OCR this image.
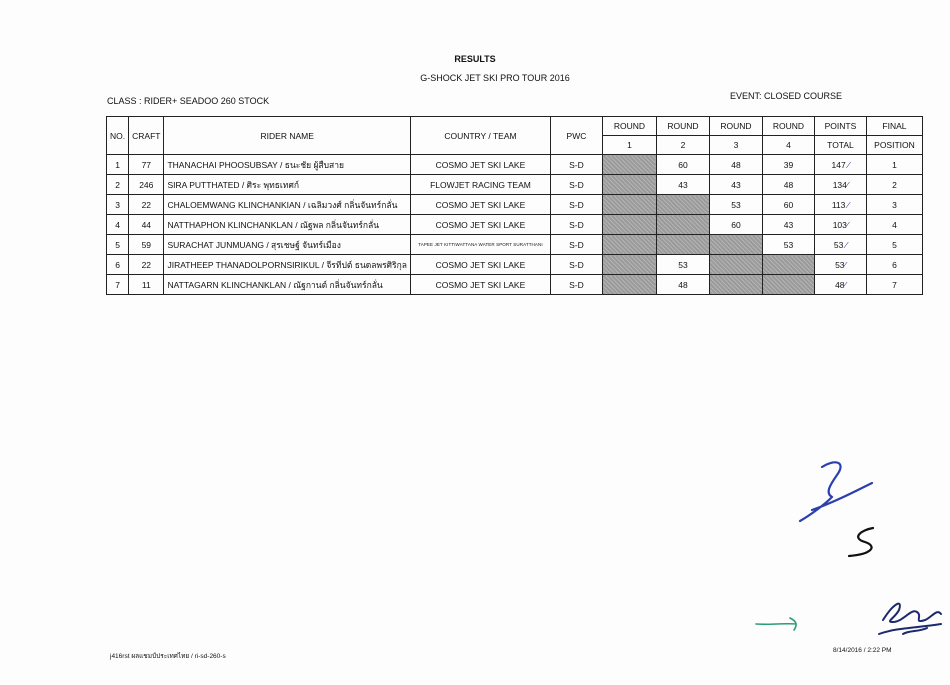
RESULTS
G-SHOCK JET SKI PRO TOUR 2016
CLASS : RIDER+ SEADOO 260 STOCK	EVENT: CLOSED COURSE
NO.	CRAFT	RIDER NAME	COUNTRY / TEAM	PWC	ROUND	ROUND	ROUND	ROUND	POINTS	FINAL
					1	2	3	4	TOTAL	POSITION
1	77	THANACHAI PHOOSUBSAY / ธนะชัย ผู้สืบสาย	COSMO JET SKI LAKE	S-D		60	48	39	147 ⁄	1
2	246	SIRA PUTTHATED / ศิระ พุทธเทศก์	FLOWJET RACING TEAM	S-D		43	43	48	134⁄	2
3	22	CHALOEMWANG KLINCHANKIAN / เฉลิมวงศ์ กลิ่นจันทร์กลั่น	COSMO JET SKI LAKE	S-D			53	60	113 ⁄	3
4	44	NATTHAPHON KLINCHANKLAN / ณัฐพล กลิ่นจันทร์กลั่น	COSMO JET SKI LAKE	S-D			60	43	103⁄	4
5	59	SURACHAT JUNMUANG / สุรเชษฐ์ จันทร์เมือง	TAPEE JET KITTIWATTANA WATER SPORT SURATTHANI	S-D				53	53 ⁄	5
6	22	JIRATHEEP THANADOLPORNSIRIKUL / จีรทีปต์ ธนดลพรศิริกุล	COSMO JET SKI LAKE	S-D		53			53⁄	6
7	11	NATTAGARN KLINCHANKLAN / ณัฐกานต์ กลิ่นจันทร์กลั่น	COSMO JET SKI LAKE	S-D		48			48⁄	7
j416rst ผลแชมป์ประเทศไทย / ri-sd-260-s
8/14/2016 / 2:22 PM
